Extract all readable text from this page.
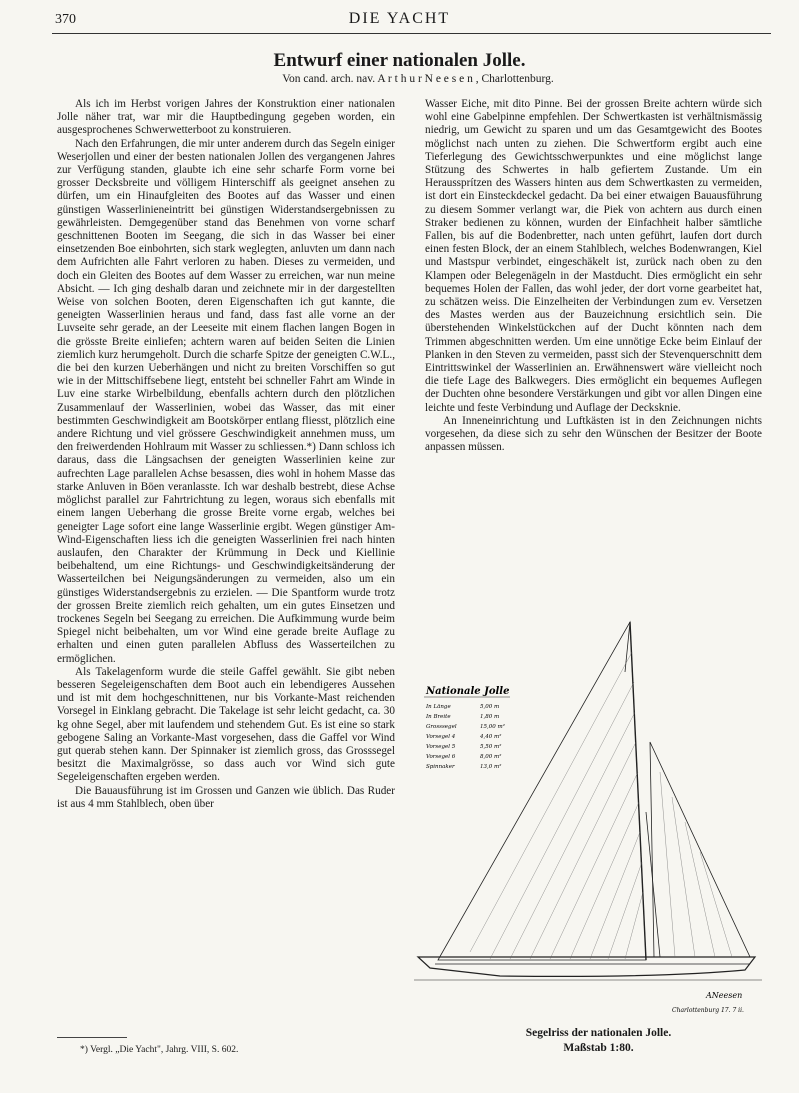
370	DIE YACHT
Entwurf einer nationalen Jolle.
Von cand. arch. nav. A r t h u r N e e s e n , Charlottenburg.

Als ich im Herbst vorigen Jahres der Konstruktion einer nationalen Jolle näher trat, war mir die Hauptbedingung gegeben worden, ein ausgesprochenes Schwerwetterboot zu konstruieren.

Nach den Erfahrungen, die mir unter anderem durch das Segeln einiger Weserjollen und einer der besten nationalen Jollen des vergangenen Jahres zur Verfügung standen, glaubte ich eine sehr scharfe Form vorne bei grosser Decksbreite und völligem Hinterschiff als geeignet ansehen zu dürfen, um ein Hinaufgleiten des Bootes auf das Wasser und einen günstigen Wasserlinieneintritt bei günstigen Widerstandsergebnissen zu gewährleisten. Demgegenüber stand das Benehmen von vorne scharf geschnittenen Booten im Seegang, die sich in das Wasser bei einer einsetzenden Boe einbohrten, sich stark weglegten, anluvten um dann nach dem Aufrichten alle Fahrt verloren zu haben. Dieses zu vermeiden, und doch ein Gleiten des Bootes auf dem Wasser zu erreichen, war nun meine Absicht. — Ich ging deshalb daran und zeichnete mir in der dargestellten Weise von solchen Booten, deren Eigenschaften ich gut kannte, die geneigten Wasserlinien heraus und fand, dass fast alle vorne an der Luvseite sehr gerade, an der Leeseite mit einem flachen langen Bogen in die grösste Breite einliefen; achtern waren auf beiden Seiten die Linien ziemlich kurz herumgeholt. Durch die scharfe Spitze der geneigten C.W.L., die bei den kurzen Ueberhängen und nicht zu breiten Vorschiffen so gut wie in der Mittschiffsebene liegt, entsteht bei schneller Fahrt am Winde in Luv eine starke Wirbelbildung, ebenfalls achtern durch den plötzlichen Zusammenlauf der Wasserlinien, wobei das Wasser, das mit einer bestimmten Geschwindigkeit am Bootskörper entlang fliesst, plötzlich eine andere Richtung und viel grössere Geschwindigkeit annehmen muss, um den freiwerdenden Hohlraum mit Wasser zu schliessen.*) Dann schloss ich daraus, dass die Längsachsen der geneigten Wasserlinien keine zur aufrechten Lage parallelen Achse besassen, dies wohl in hohem Masse das starke Anluven in Böen veranlasste. Ich war deshalb bestrebt, diese Achse möglichst parallel zur Fahrtrichtung zu legen, woraus sich ebenfalls mit einem langen Ueberhang die grosse Breite vorne ergab, welches bei geneigter Lage sofort eine lange Wasserlinie ergibt. Wegen günstiger Am-Wind-Eigenschaften liess ich die geneigten Wasserlinien frei nach hinten auslaufen, den Charakter der Krümmung in Deck und Kiellinie beibehaltend, um eine Richtungs- und Geschwindigkeitsänderung der Wasserteilchen bei Neigungsänderungen zu vermeiden, also um ein günstiges Widerstandsergebnis zu erzielen. — Die Spantform wurde trotz der grossen Breite ziemlich reich gehalten, um ein gutes Einsetzen und trockenes Segeln bei Seegang zu erreichen. Die Aufkimmung wurde beim Spiegel nicht beibehalten, um vor Wind eine gerade breite Auflage zu erhalten und einen guten parallelen Abfluss des Wasserteilchen zu ermöglichen.

Als Takelagenform wurde die steile Gaffel gewählt. Sie gibt neben besseren Segeleigenschaften dem Boot auch ein lebendigeres Aussehen und ist mit dem hochgeschnittenen, nur bis Vorkante-Mast reichenden Vorsegel in Einklang gebracht. Die Takelage ist sehr leicht gedacht, ca. 30 kg ohne Segel, aber mit laufendem und stehendem Gut. Es ist eine so stark gebogene Saling an Vorkante-Mast vorgesehen, dass die Gaffel vor Wind gut querab stehen kann. Der Spinnaker ist ziemlich gross, das Grosssegel besitzt die Maximalgrösse, so dass auch vor Wind sich gute Segeleigenschaften ergeben werden.

Die Bauausführung ist im Grossen und Ganzen wie üblich. Das Ruder ist aus 4 mm Stahlblech, oben über

Wasser Eiche, mit dito Pinne. Bei der grossen Breite achtern würde sich wohl eine Gabelpinne empfehlen. Der Schwertkasten ist verhältnismässig niedrig, um Gewicht zu sparen und um das Gesamtgewicht des Bootes möglichst nach unten zu ziehen. Die Schwertform ergibt auch eine Tieferlegung des Gewichtsschwerpunktes und eine möglichst lange Stützung des Schwertes in halb gefiertem Zustande. Um ein Heraussprítzen des Wassers hinten aus dem Schwertkasten zu vermeiden, ist dort ein Einsteckdeckel gedacht. Da bei einer etwaigen Bauausführung zu diesem Sommer verlangt war, die Piek von achtern aus durch einen Straker bedienen zu können, wurden der Einfachheit halber sämtliche Fallen, bis auf die Bodenbretter, nach unten geführt, laufen dort durch einen festen Block, der an einem Stahlblech, welches Bodenwrangen, Kiel und Mastspur verbindet, eingeschäkelt ist, zurück nach oben zu den Klampen oder Belegenägeln in der Mastducht. Dies ermöglicht ein sehr bequemes Holen der Fallen, das wohl jeder, der dort vorne gearbeitet hat, zu schätzen weiss. Die Einzelheiten der Verbindungen zum ev. Versetzen des Mastes werden aus der Bauzeichnung ersichtlich sein. Die überstehenden Winkelstückchen auf der Ducht könnten nach dem Trimmen abgeschnitten werden. Um eine unnötige Ecke beim Einlauf der Planken in den Steven zu vermeiden, passt sich der Stevenquerschnitt dem Eintrittswinkel der Wasserlinien an. Erwähnenswert wäre vielleicht noch die tiefe Lage des Balkwegers. Dies ermöglicht ein bequemes Auflegen der Duchten ohne besondere Verstärkungen und gibt vor allen Dingen eine leichte und feste Verbindung und Auflage der Decksknie.

An Inneneinrichtung und Luftkästen ist in den Zeichnungen nichts vorgesehen, da diese sich zu sehr den Wünschen der Besitzer der Boote anpassen müssen.

Nationale Jolle
In Länge	5,00 m
In Breite	1,80 m
Grosssegel	15,00 m²
Vorsegel 4	4,40 m²
Vorsegel 5	5,50 m²
Vorsegel 6	8,00 m²
Spinnaker	13,0 m²
ANeesen
Charlottenburg 17. 7 ii.
Segelriss der nationalen Jolle.
Maßstab 1:80.
*) Vergl. „Die Yacht", Jahrg. VIII, S. 602.
